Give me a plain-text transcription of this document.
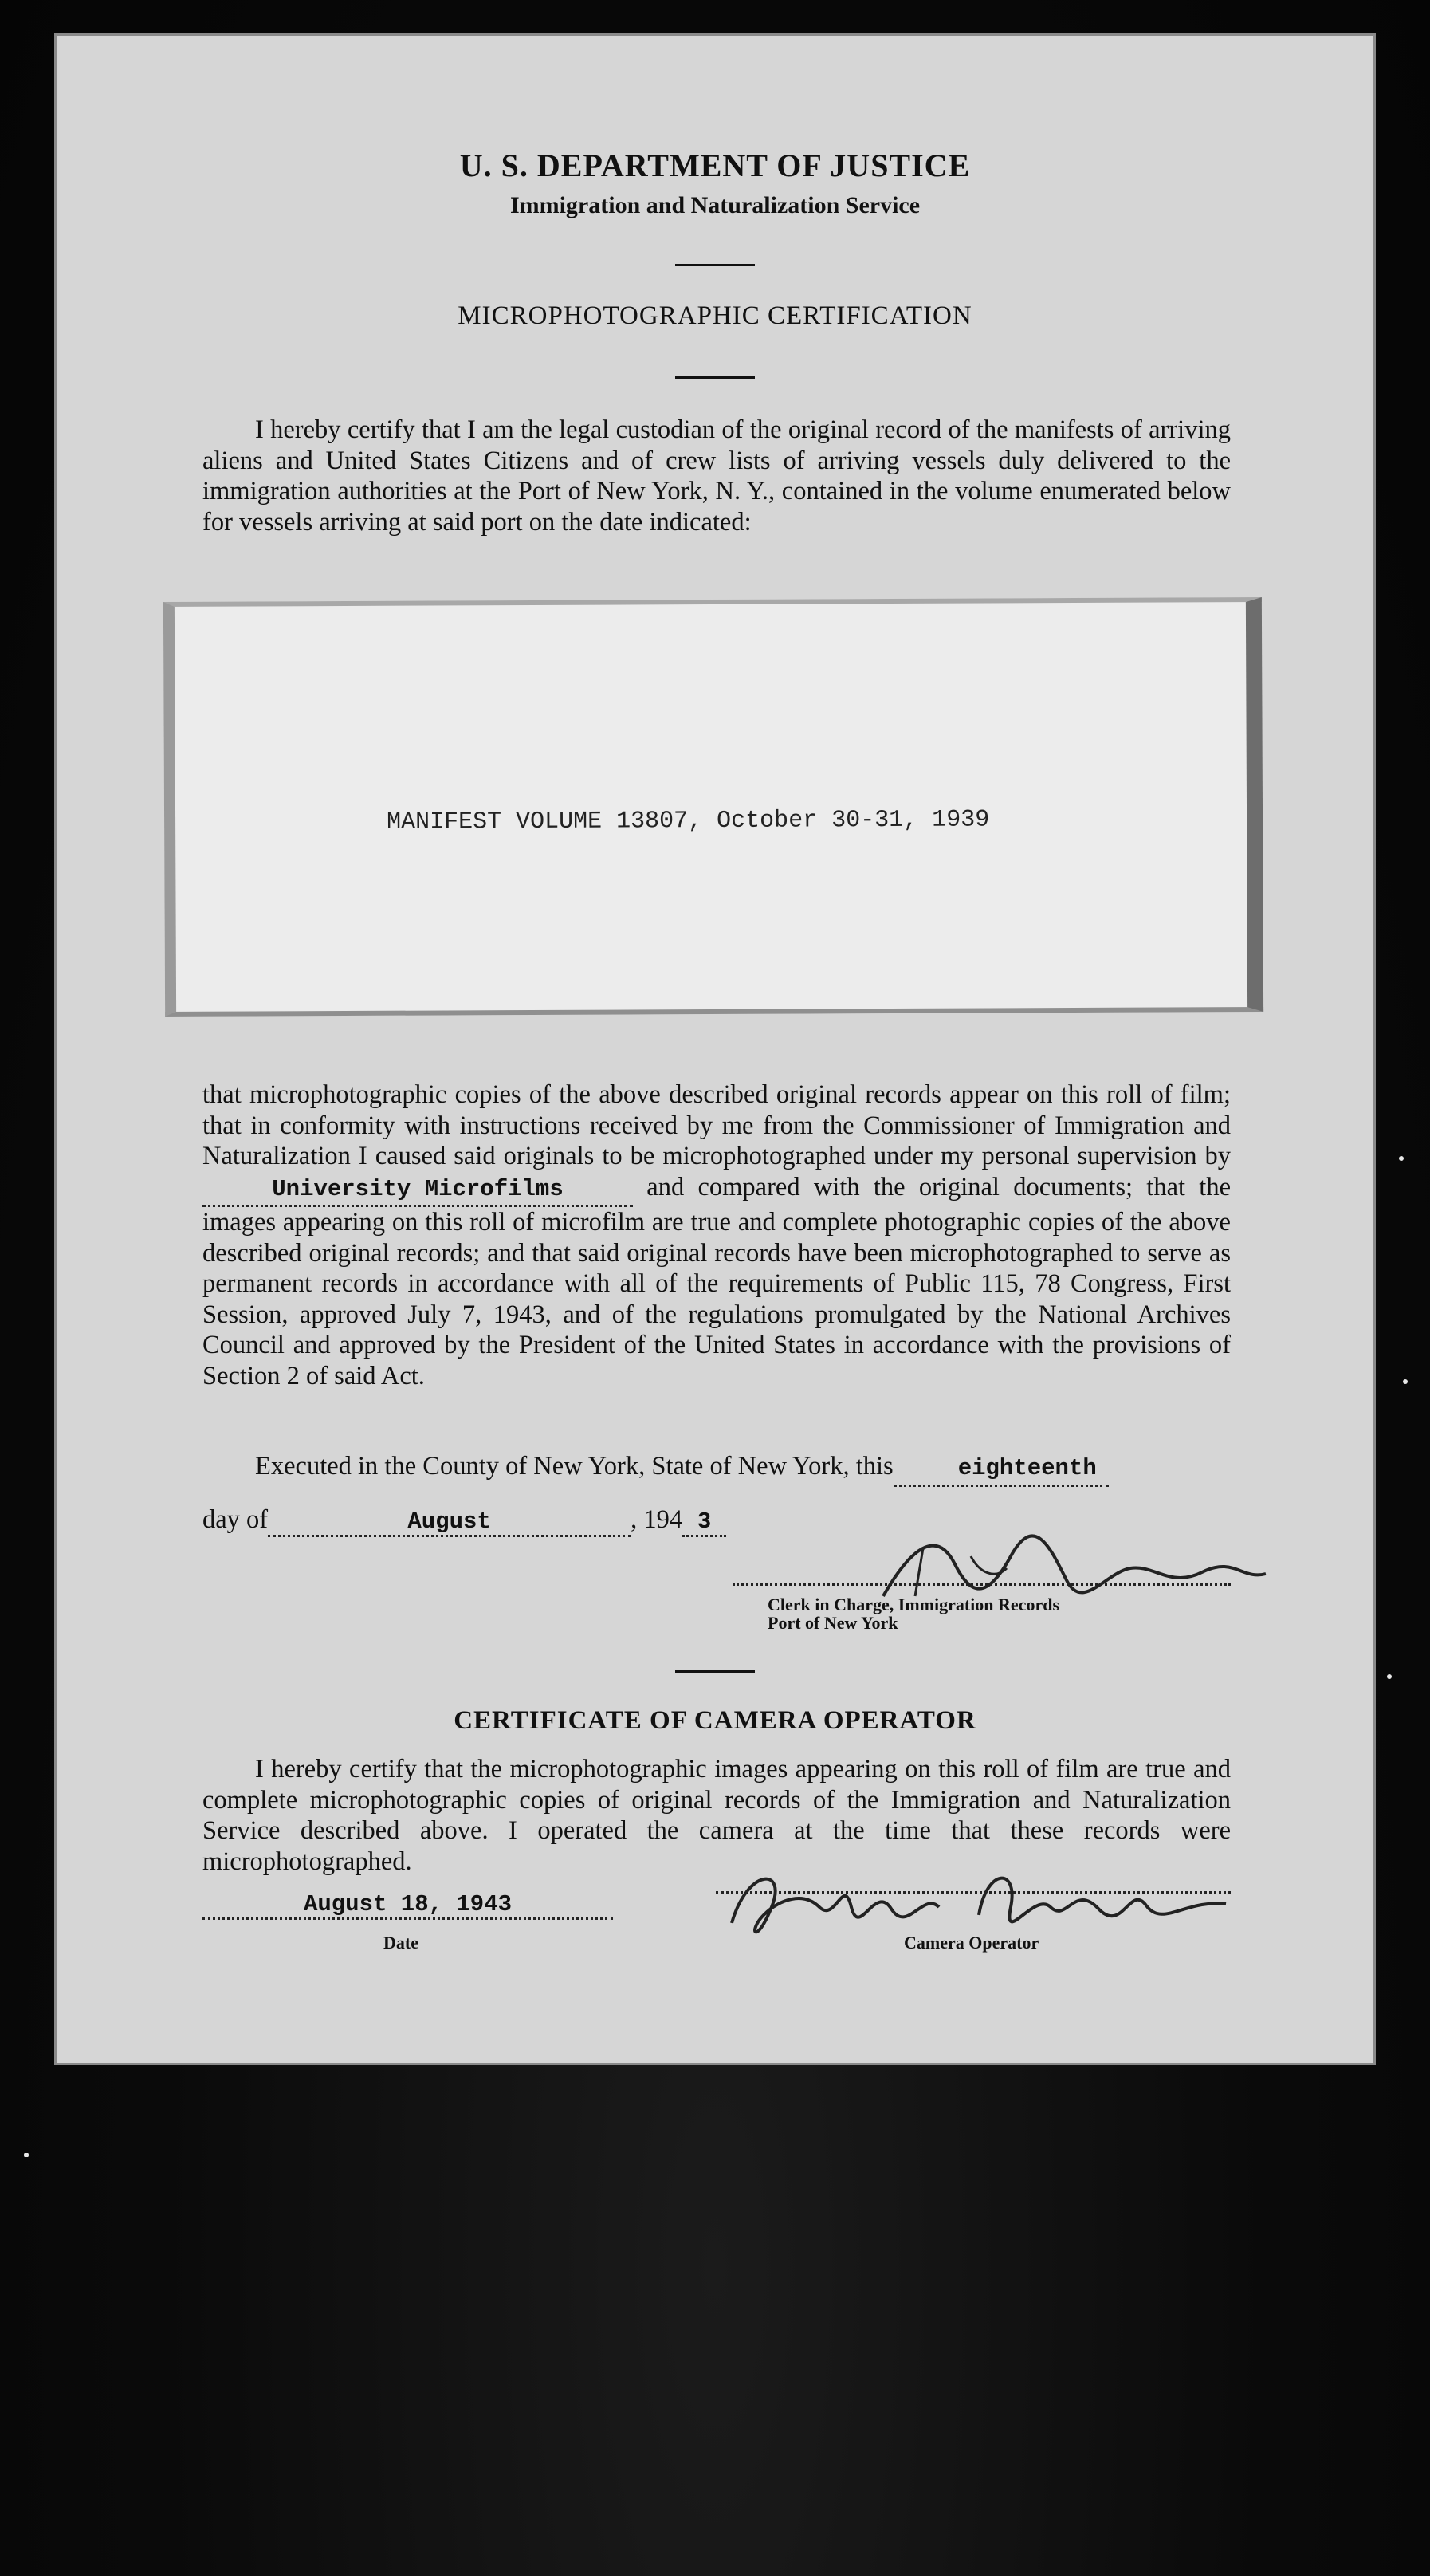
U. S. DEPARTMENT OF JUSTICE
Immigration and Naturalization Service
MICROPHOTOGRAPHIC CERTIFICATION
I hereby certify that I am the legal custodian of the original record of the manifests of arriving aliens and United States Citizens and of crew lists of arriving vessels duly delivered to the immigration authorities at the Port of New York, N. Y., contained in the volume enumerated below for vessels arriving at said port on the date indicated:
MANIFEST VOLUME 13807, October 30-31, 1939
that microphotographic copies of the above described original records appear on this roll of film; that in conformity with instructions received by me from the Commissioner of Immigration and Naturalization I caused said originals to be microphotographed under my personal supervision byUniversity Microfilms	and compared with the original documents; that the images appearing on this roll of microfilm are true and complete photographic copies of the above described original records; and that said original records have been microphotographed to serve as permanent records in accordance with all of the requirements of Public 115, 78 Congress, First Session, approved July 7, 1943, and of the regulations promulgated by the National Archives Council and approved by the President of the United States in accordance with the provisions of Section 2 of said Act.
Executed in the County of New York, State of New York, this	eighteenth
day of	August	, 194 3
Clerk in Charge, Immigration Records
Port of New York
CERTIFICATE OF CAMERA OPERATOR
I hereby certify that the microphotographic images appearing on this roll of film are true and complete microphotographic copies of original records of the Immigration and Naturalization Service described above. I operated the camera at the time that these records were microphotographed.
August 18, 1943
Date	Camera Operator
